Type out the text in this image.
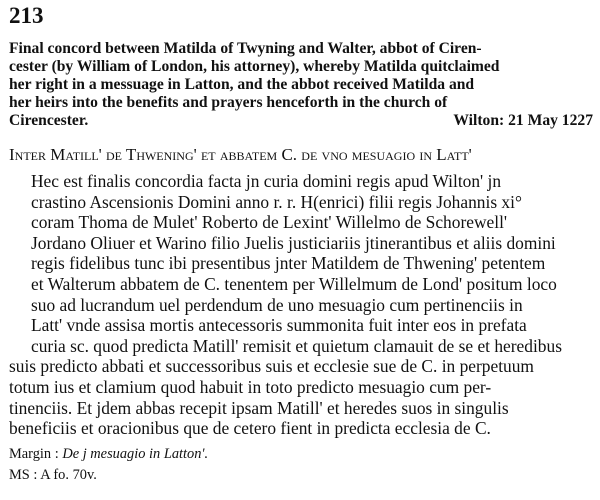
213
Final concord between Matilda of Twyning and Walter, abbot of Ciren-
cester (by William of London, his attorney), whereby Matilda quitclaimed
her right in a messuage in Latton, and the abbot received Matilda and
her heirs into the benefits and prayers henceforth in the church of
Cirencester.	Wilton: 21 May 1227
Inter Matill' de Thwening' et abbatem C. de vno mesuagio in Latt'
Hec est finalis concordia facta jn curia domini regis apud Wilton' jn
crastino Ascensionis Domini anno r. r. H(enrici) filii regis Johannis xi°
coram Thoma de Mulet' Roberto de Lexint' Willelmo de Schorewell'
Jordano Oliuer et Warino filio Juelis justiciariis jtinerantibus et aliis domini
regis fidelibus tunc ibi presentibus jnter Matildem de Thwening' petentem
et Walterum abbatem de C. tenentem per Willelmum de Lond' positum loco
suo ad lucrandum uel perdendum de uno mesuagio cum pertinenciis in
Latt' vnde assisa mortis antecessoris summonita fuit inter eos in prefata
curia sc. quod predicta Matill' remisit et quietum clamauit de se et heredibus
suis predicto abbati et successoribus suis et ecclesie sue de C. in perpetuum
totum ius et clamium quod habuit in toto predicto mesuagio cum per-
tinenciis. Et jdem abbas recepit ipsam Matill' et heredes suos in singulis
beneficiis et oracionibus que de cetero fient in predicta ecclesia de C.
Margin : De j mesuagio in Latton'.
MS : A fo. 70v.
